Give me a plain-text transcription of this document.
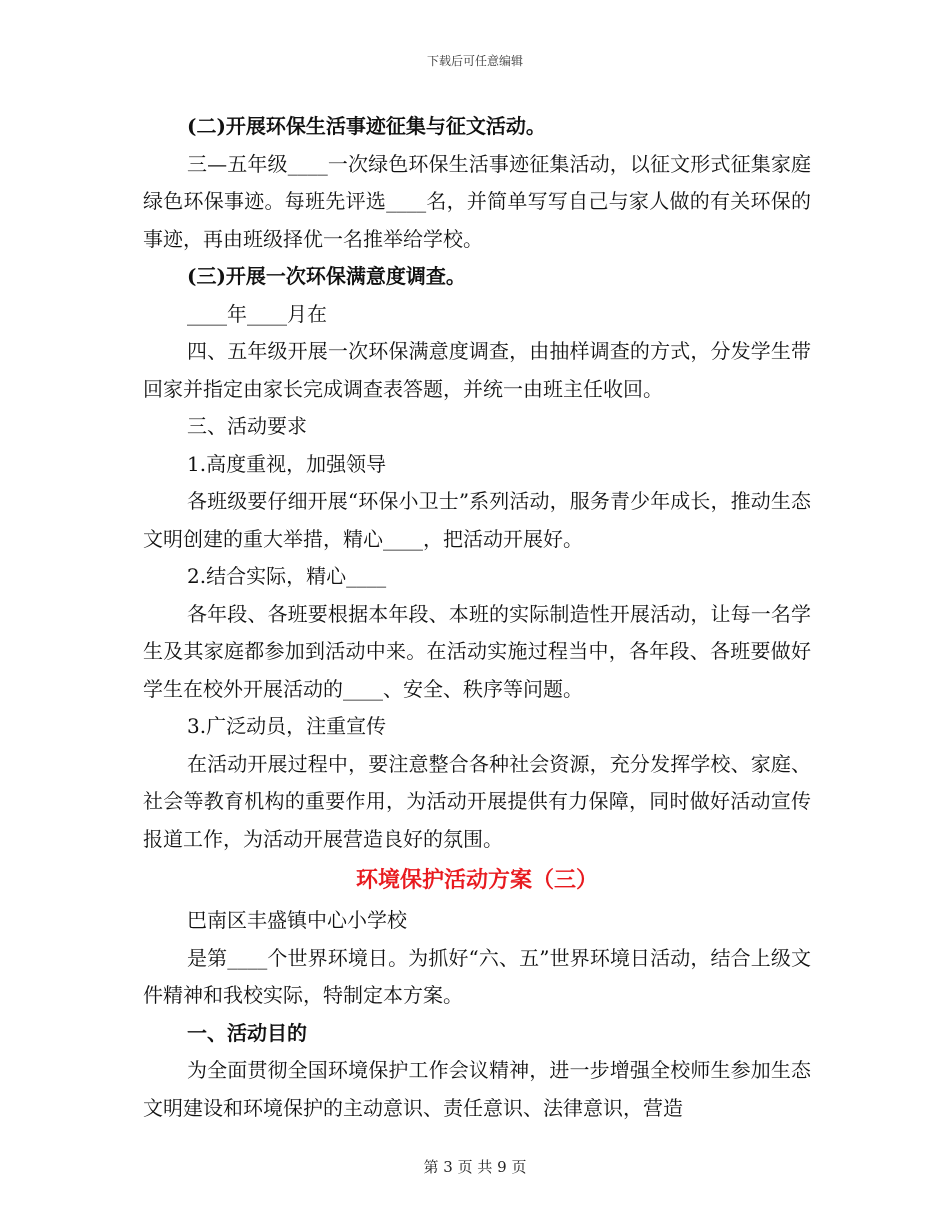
下载后可任意编辑

(二)开展环保生活事迹征集与征文活动。

三—五年级____一次绿色环保生活事迹征集活动，以征文形式征集家庭绿色环保事迹。每班先评选____名，并简单写写自己与家人做的有关环保的事迹，再由班级择优一名推举给学校。

(三)开展一次环保满意度调查。

____年____月在

四、五年级开展一次环保满意度调查，由抽样调查的方式，分发学生带回家并指定由家长完成调查表答题，并统一由班主任收回。

三、活动要求

1.高度重视，加强领导

各班级要仔细开展“环保小卫士”系列活动，服务青少年成长，推动生态文明创建的重大举措，精心____，把活动开展好。

2.结合实际，精心____

各年段、各班要根据本年段、本班的实际制造性开展活动，让每一名学生及其家庭都参加到活动中来。在活动实施过程当中，各年段、各班要做好学生在校外开展活动的____、安全、秩序等问题。

3.广泛动员，注重宣传

在活动开展过程中，要注意整合各种社会资源，充分发挥学校、家庭、社会等教育机构的重要作用，为活动开展提供有力保障，同时做好活动宣传报道工作，为活动开展营造良好的氛围。

环境保护活动方案（三）

巴南区丰盛镇中心小学校

是第____个世界环境日。为抓好“六、五”世界环境日活动，结合上级文件精神和我校实际，特制定本方案。

一、活动目的

为全面贯彻全国环境保护工作会议精神，进一步增强全校师生参加生态文明建设和环境保护的主动意识、责任意识、法律意识，营造

第 3 页 共 9 页
